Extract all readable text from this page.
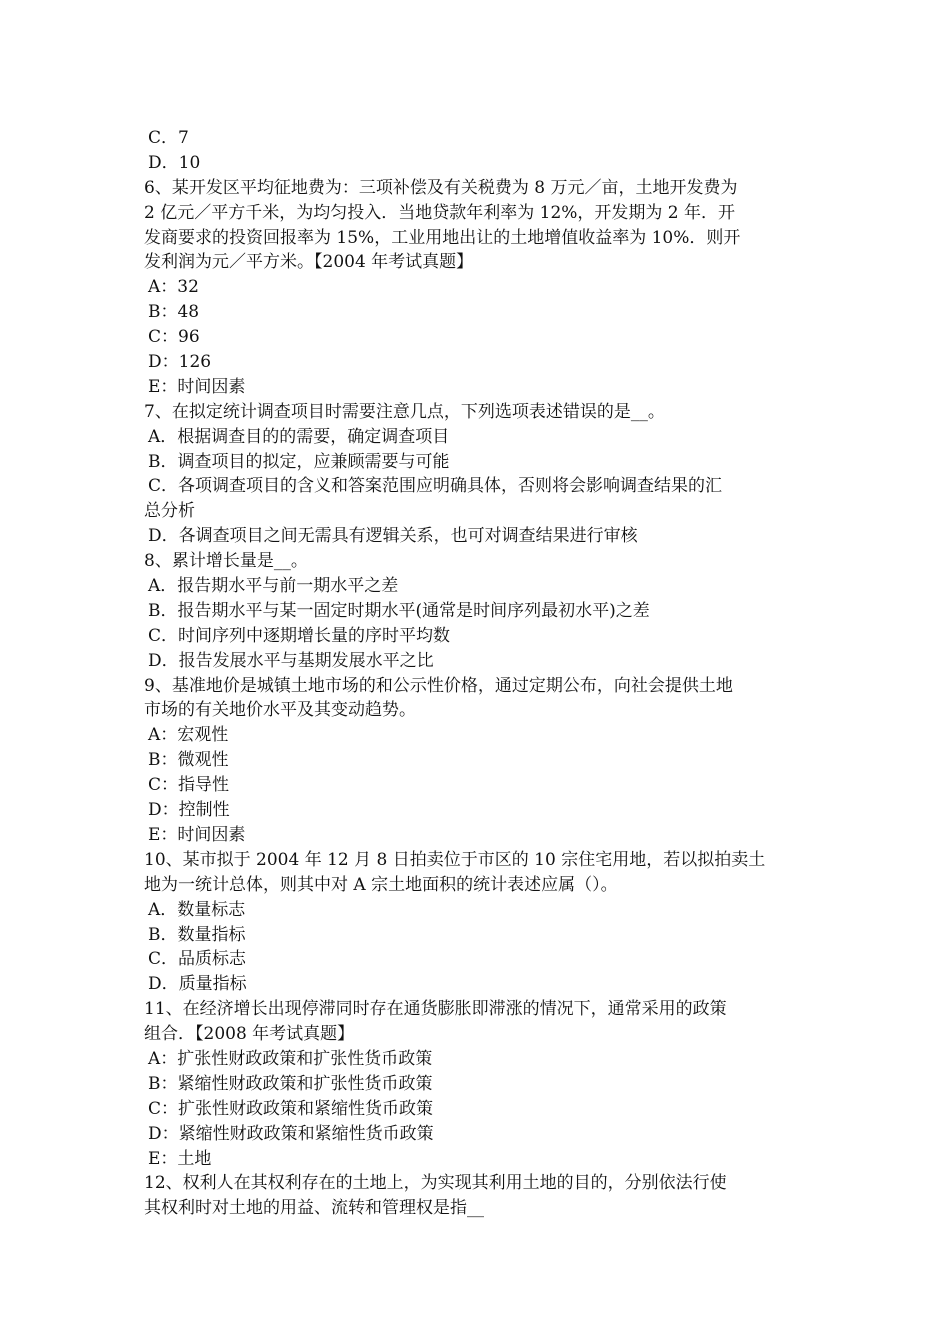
C．7
D．10
6、某开发区平均征地费为：三项补偿及有关税费为 8 万元／亩，土地开发费为
2 亿元／平方千米，为均匀投入．当地贷款年利率为 12%，开发期为 2 年．开
发商要求的投资回报率为 15%，工业用地出让的土地增值收益率为 10%．则开
发利润为元／平方米。【2004 年考试真题】
A：32
B：48
C：96
D：126
E：时间因素
7、在拟定统计调查项目时需要注意几点，下列选项表述错误的是__。
A．根据调查目的的需要，确定调查项目
B．调查项目的拟定，应兼顾需要与可能
C．各项调查项目的含义和答案范围应明确具体，否则将会影响调查结果的汇
总分析
D．各调查项目之间无需具有逻辑关系，也可对调查结果进行审核
8、累计增长量是__。
A．报告期水平与前一期水平之差
B．报告期水平与某一固定时期水平(通常是时间序列最初水平)之差
C．时间序列中逐期增长量的序时平均数
D．报告发展水平与基期发展水平之比
9、基准地价是城镇土地市场的和公示性价格，通过定期公布，向社会提供土地
市场的有关地价水平及其变动趋势。
A：宏观性
B：微观性
C：指导性
D：控制性
E：时间因素
10、某市拟于 2004 年 12 月 8 日拍卖位于市区的 10 宗住宅用地，若以拟拍卖土
地为一统计总体，则其中对 A 宗土地面积的统计表述应属（）。
A．数量标志
B．数量指标
C．品质标志
D．质量指标
11、在经济增长出现停滞同时存在通货膨胀即滞涨的情况下，通常采用的政策
组合．【2008 年考试真题】
A：扩张性财政政策和扩张性货币政策
B：紧缩性财政政策和扩张性货币政策
C：扩张性财政政策和紧缩性货币政策
D：紧缩性财政政策和紧缩性货币政策
E：土地
12、权利人在其权利存在的土地上，为实现其利用土地的目的，分别依法行使
其权利时对土地的用益、流转和管理权是指__
